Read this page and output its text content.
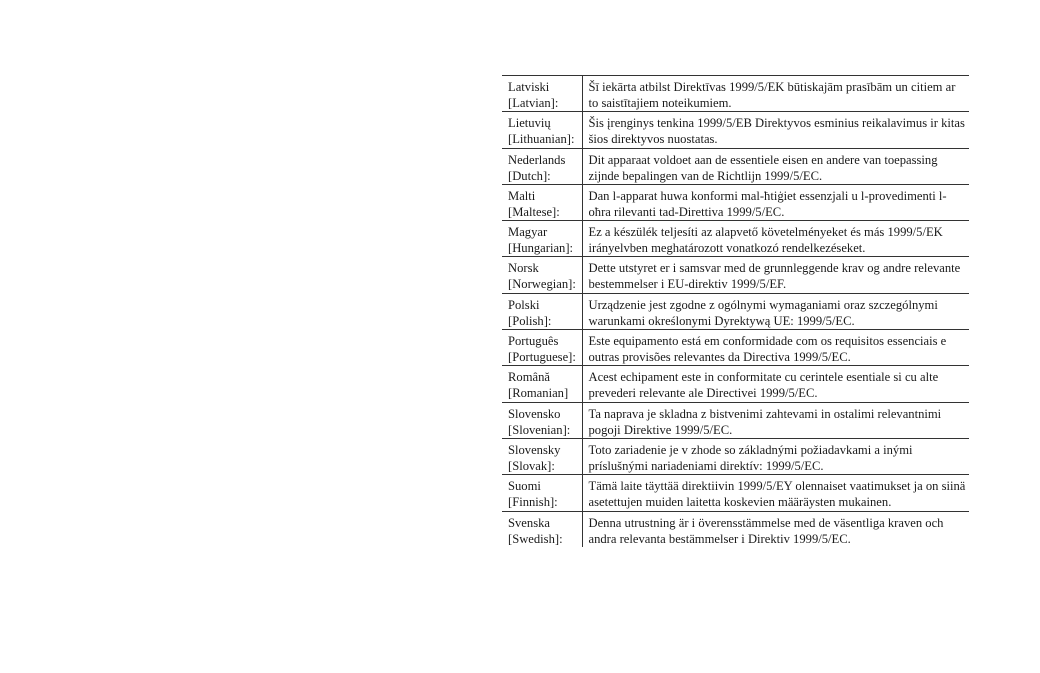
Latviski
[Latvian]:	Šī iekārta atbilst Direktīvas 1999/5/EK būtiskajām prasībām un citiem ar to saistītajiem noteikumiem.

Lietuvių
[Lithuanian]:	Šis įrenginys tenkina 1999/5/EB Direktyvos esminius reikalavimus ir kitas šios direktyvos nuostatas.

Nederlands
[Dutch]:	Dit apparaat voldoet aan de essentiele eisen en andere van toepassing zijnde bepalingen van de Richtlijn 1999/5/EC.

Malti
[Maltese]:	Dan l-apparat huwa konformi mal-ħtiġiet essenzjali u l-provedimenti l-oħra rilevanti tad-Direttiva 1999/5/EC.

Magyar
[Hungarian]:	Ez a készülék teljesíti az alapvető követelményeket és más 1999/5/EK irányelvben meghatározott vonatkozó rendelkezéseket.

Norsk
[Norwegian]:	Dette utstyret er i samsvar med de grunnleggende krav og andre relevante bestemmelser i EU-direktiv 1999/5/EF.

Polski
[Polish]:	Urządzenie jest zgodne z ogólnymi wymaganiami oraz szczególnymi warunkami określonymi Dyrektywą UE: 1999/5/EC.

Português
[Portuguese]:	Este equipamento está em conformidade com os requisitos essenciais e outras provisões relevantes da Directiva 1999/5/EC.

Română
[Romanian]	Acest echipament este in conformitate cu cerintele esentiale si cu alte prevederi relevante ale Directivei 1999/5/EC.

Slovensko
[Slovenian]:	Ta naprava je skladna z bistvenimi zahtevami in ostalimi relevantnimi pogoji Direktive 1999/5/EC.

Slovensky
[Slovak]:	Toto zariadenie je v zhode so základnými požiadavkami a inými príslušnými nariadeniami direktív: 1999/5/EC.

Suomi
[Finnish]:	Tämä laite täyttää direktiivin 1999/5/EY olennaiset vaatimukset ja on siinä asetettujen muiden laitetta koskevien määräysten mukainen.

Svenska
[Swedish]:	Denna utrustning är i överensstämmelse med de väsentliga kraven och andra relevanta bestämmelser i Direktiv 1999/5/EC.
